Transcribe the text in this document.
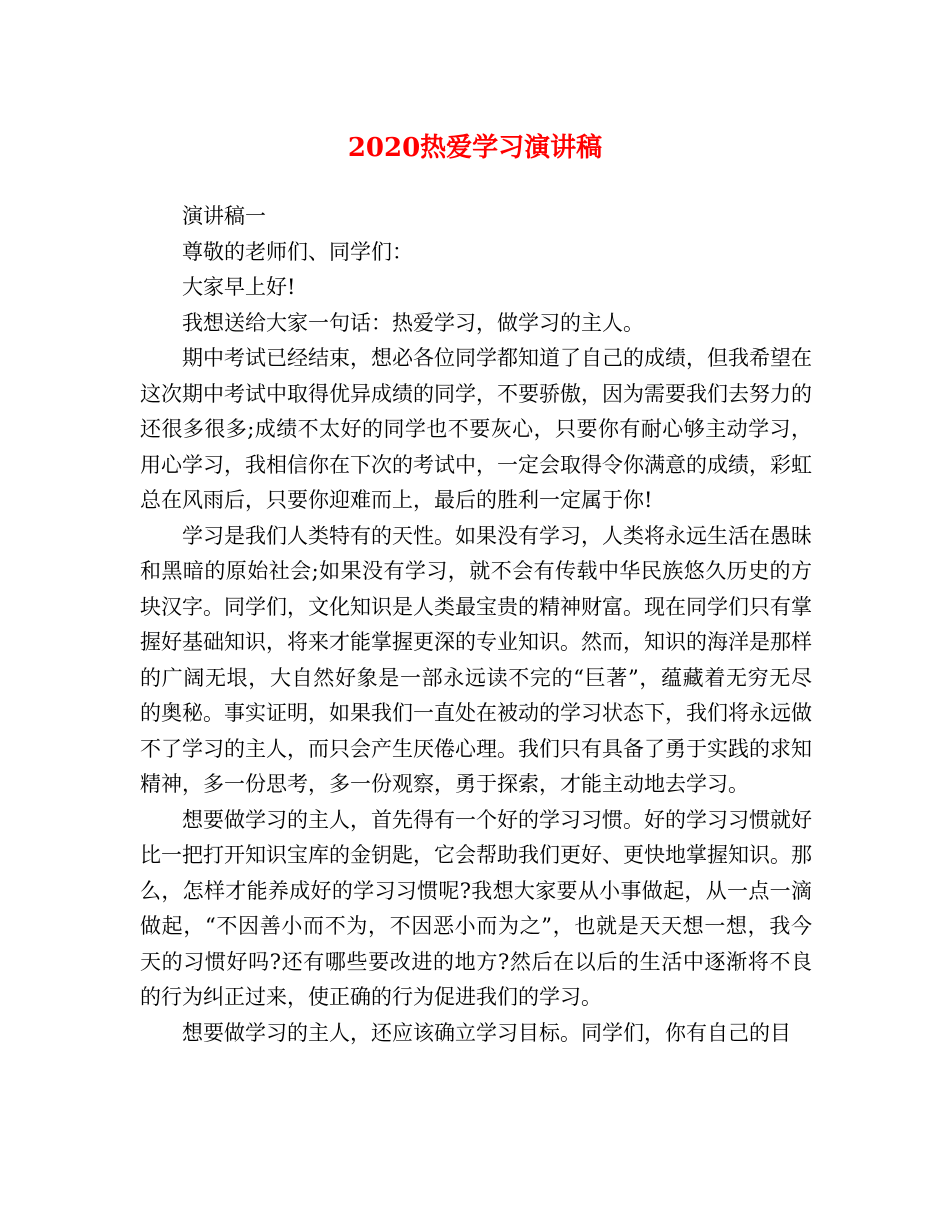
2020热爱学习演讲稿

演讲稿一

尊敬的老师们、同学们：

大家早上好!

我想送给大家一句话：热爱学习，做学习的主人。

期中考试已经结束，想必各位同学都知道了自己的成绩，但我希望在这次期中考试中取得优异成绩的同学，不要骄傲，因为需要我们去努力的还很多很多;成绩不太好的同学也不要灰心，只要你有耐心够主动学习，用心学习，我相信你在下次的考试中，一定会取得令你满意的成绩，彩虹总在风雨后，只要你迎难而上，最后的胜利一定属于你!

学习是我们人类特有的天性。如果没有学习，人类将永远生活在愚昧和黑暗的原始社会;如果没有学习，就不会有传载中华民族悠久历史的方块汉字。同学们，文化知识是人类最宝贵的精神财富。现在同学们只有掌握好基础知识，将来才能掌握更深的专业知识。然而，知识的海洋是那样的广阔无垠，大自然好象是一部永远读不完的“巨著”，蕴藏着无穷无尽的奥秘。事实证明，如果我们一直处在被动的学习状态下，我们将永远做不了学习的主人，而只会产生厌倦心理。我们只有具备了勇于实践的求知精神，多一份思考，多一份观察，勇于探索，才能主动地去学习。

想要做学习的主人，首先得有一个好的学习习惯。好的学习习惯就好比一把打开知识宝库的金钥匙，它会帮助我们更好、更快地掌握知识。那么，怎样才能养成好的学习习惯呢?我想大家要从小事做起，从一点一滴做起，“不因善小而不为，不因恶小而为之”，也就是天天想一想，我今天的习惯好吗?还有哪些要改进的地方?然后在以后的生活中逐渐将不良的行为纠正过来，使正确的行为促进我们的学习。

想要做学习的主人，还应该确立学习目标。同学们，你有自己的目
